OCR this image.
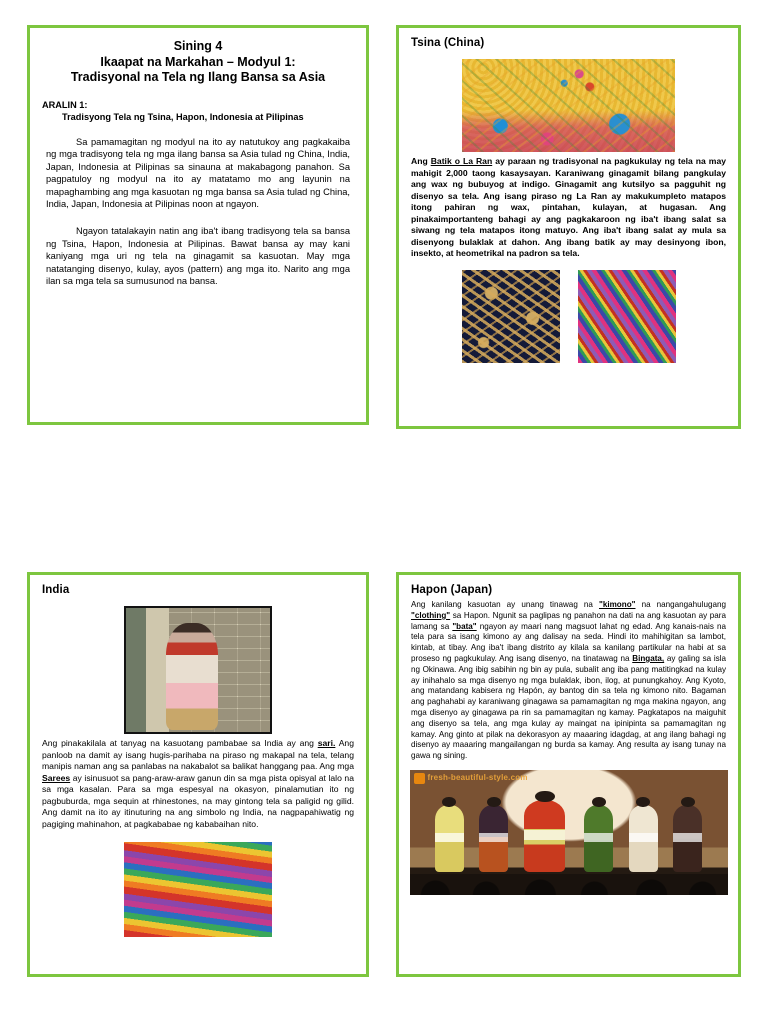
Sining 4
Ikaapat na Markahan – Modyul 1:
Tradisyonal na Tela ng Ilang Bansa sa Asia
ARALIN 1:
Tradisyong Tela ng Tsina, Hapon, Indonesia at Pilipinas

Sa pamamagitan ng modyul na ito ay natutukoy ang pagkakaiba ng mga tradisyong tela ng mga ilang bansa sa Asia tulad ng China, India, Japan, Indonesia at Pilipinas sa sinauna at makabagong panahon. Sa pagpatuloy ng modyul na ito ay matatamo mo ang layunin na mapaghambing ang mga kasuotan ng mga bansa sa Asia tulad ng China, India, Japan, Indonesia at Pilipinas noon at ngayon.

Ngayon tatalakayin natin ang iba't ibang tradisyong tela sa bansa ng Tsina, Hapon, Indonesia at Pilipinas. Bawat bansa ay may kani kaniyang mga uri ng tela na ginagamit sa kasuotan. May mga natatanging disenyo, kulay, ayos (pattern) ang mga ito. Narito ang mga ilan sa mga tela sa sumusunod na bansa.

Tsina (China)

Ang Batik o La Ran ay paraan ng tradisyonal na pagkukulay ng tela na may mahigit 2,000 taong kasaysayan. Karaniwang ginagamit bilang pangkulay ang wax ng bubuyog at indigo. Ginagamit ang kutsilyo sa pagguhit ng disenyo sa tela. Ang isang piraso ng La Ran ay makukumpleto matapos itong pahiran ng wax, pintahan, kulayan, at hugasan. Ang pinakaimportanteng bahagi ay ang pagkakaroon ng iba't ibang salat sa siwang ng tela matapos itong matuyo. Ang iba't ibang salat ay mula sa disenyong bulaklak at dahon. Ang ibang batik ay may desinyong ibon, insekto, at heometrikal na padron sa tela.

India

Ang pinakakilala at tanyag na kasuotang pambabae sa India ay ang sari. Ang panloob na damit ay isang hugis-parihaba na piraso ng makapal na tela, telang manipis naman ang sa panlabas na nakabalot sa balikat hanggang paa. Ang mga Sarees ay isinusuot sa pang-araw-araw ganun din sa mga pista opisyal at lalo na sa mga kasalan. Para sa mga espesyal na okasyon, pinalamutian ito ng pagbuburda, mga sequin at rhinestones, na may gintong tela sa paligid ng gilid. Ang damit na ito ay itinuturing na ang simbolo ng India, na nagpapahiwatig ng pagiging mahinahon, at pagkababae ng kababaihan nito.

Hapon (Japan)

Ang kanilang kasuotan ay unang tinawag na "kimono" na nangangahulugang "clothing" sa Hapon. Ngunit sa paglipas ng panahon na dati na ang kasuotan ay para lamang sa "bata" ngayon ay maari nang magsuot lahat ng edad. Ang kanais-nais na tela para sa isang kimono ay ang dalisay na seda. Hindi ito mahihigitan sa lambot, kintab, at tibay. Ang iba't ibang distrito ay kilala sa kanilang partikular na habi at sa proseso ng pagkukulay. Ang isang disenyo, na tinatawag na Bingata, ay galing sa isla ng Okinawa. Ang ibig sabihin ng bin ay pula, subalit ang iba pang matitingkad na kulay ay inihahalo sa mga disenyo ng mga bulaklak, ibon, ilog, at punungkahoy. Ang Kyoto, ang matandang kabisera ng Hapón, ay bantog din sa tela ng kimono nito. Bagaman ang paghahabi ay karaniwang ginagawa sa pamamagitan ng mga makina ngayon, ang mga disenyo ay ginagawa pa rin sa pamamagitan ng kamay. Pagkatapos na maiguhit ang disenyo sa tela, ang mga kulay ay maingat na ipinipinta sa pamamagitan ng kamay. Ang ginto at pilak na dekorasyon ay maaaring idagdag, at ang ilang bahagi ng disenyo ay maaaring mangailangan ng burda sa kamay. Ang resulta ay isang tunay na gawa ng sining.

fresh-beautiful-style.com
